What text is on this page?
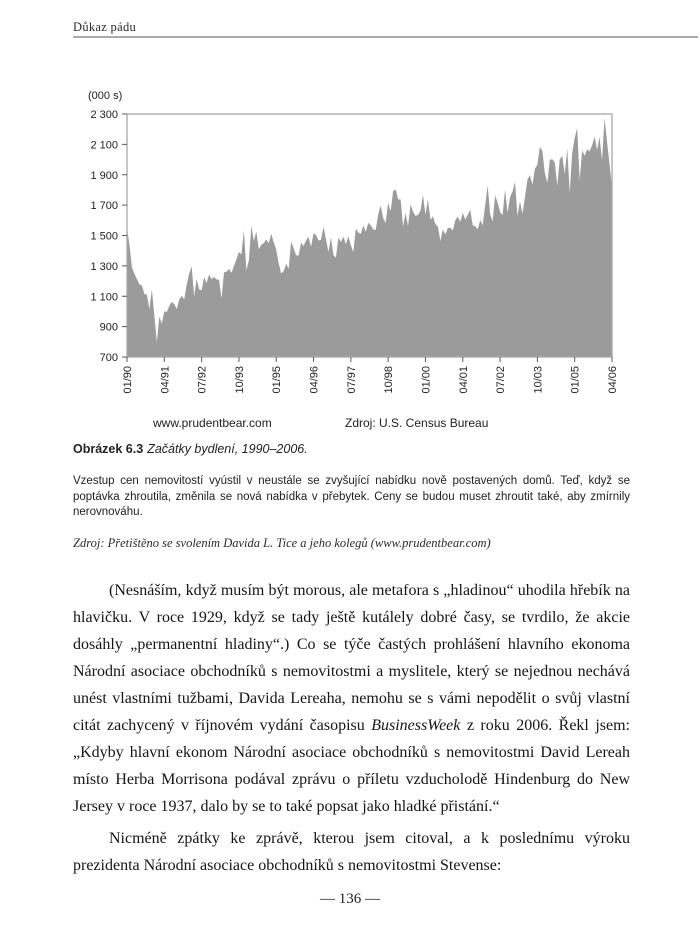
Důkaz pádu
2 300
2 100
1 900
1 700
1 500
1 300
1 100
900
700
01/90 04/91 07/92 10/93 01/95 04/96 07/97 10/98 01/00 04/01 07/02 10/03 01/05 04/06
(000 s)
www.prudentbear.com	Zdroj: U.S. Census Bureau
Obrázek 6.3 Začátky bydlení, 1990–2006.
Vzestup cen nemovitostí vyústil v neustále se zvyšující nabídku nově postavených domů. Teď, když se poptávka zhroutila, změnila se nová nabídka v přebytek. Ceny se budou muset zhroutit také, aby zmírnily nerovnováhu.
Zdroj: Přetištěno se svolením Davida L. Tice a jeho kolegů (www.prudentbear.com)

(Nesnáším, když musím být morous, ale metafora s „hladinou“ uhodila hřebík na hlavičku. V roce 1929, když se tady ještě kutálely dobré časy, se tvrdilo, že akcie dosáhly „permanentní hladiny“.) Co se týče častých prohlášení hlavního ekonoma Národní asociace obchodníků s nemovitostmi a myslitele, který se nejednou nechává unést vlastními tužbami, Davida Lereaha, nemohu se s vámi nepodělit o svůj vlastní citát zachycený v říjnovém vydání časopisu BusinessWeek z roku 2006. Řekl jsem: „Kdyby hlavní ekonom Národní asociace obchodníků s nemovitostmi David Lereah místo Herba Morrisona podával zprávu o příletu vzducholodě Hindenburg do New Jersey v roce 1937, dalo by se to také popsat jako hladké přistání.“

Nicméně zpátky ke zprávě, kterou jsem citoval, a k poslednímu výroku prezidenta Národní asociace obchodníků s nemovitostmi Stevense:

— 136 —
